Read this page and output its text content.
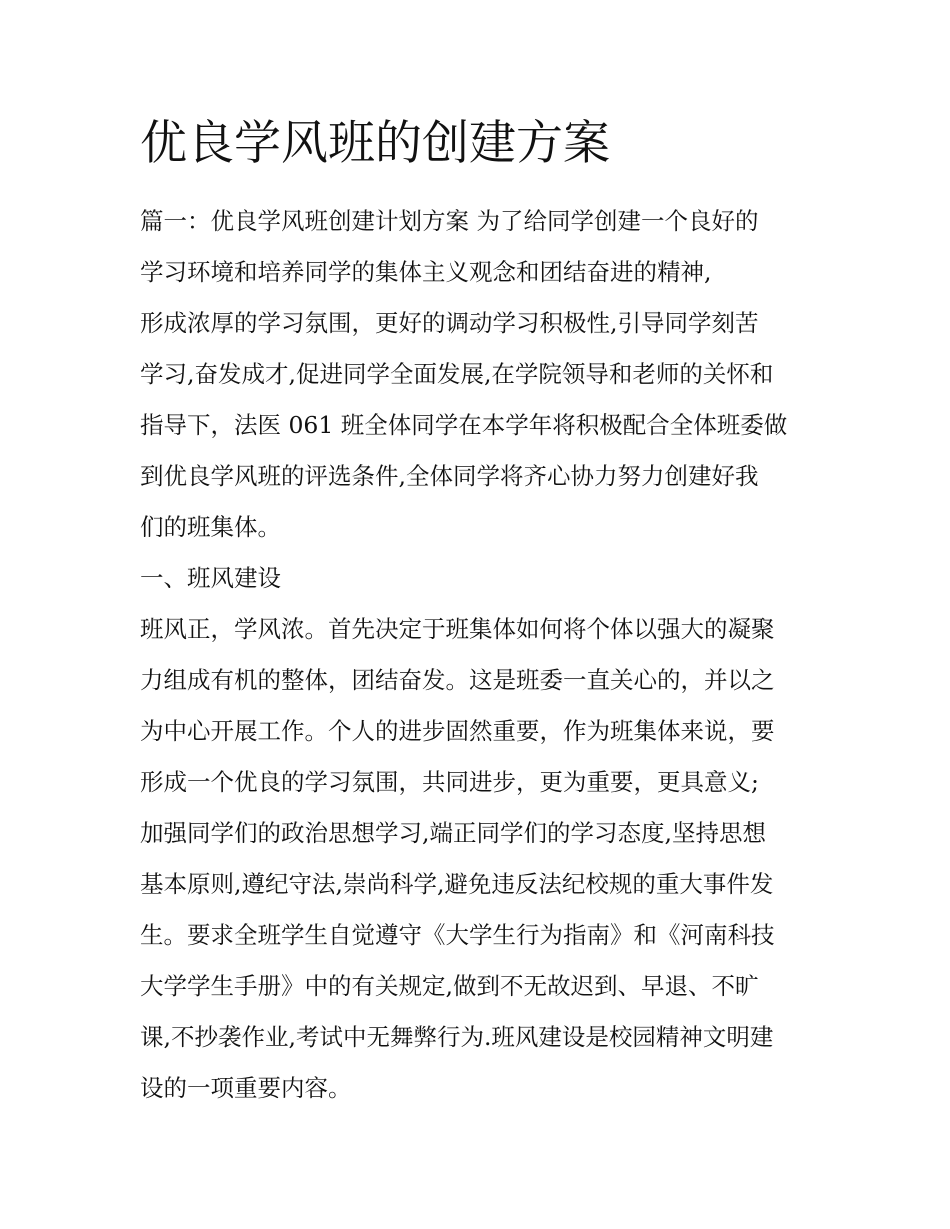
优良学风班的创建方案

篇一：优良学风班创建计划方案 为了给同学创建一个良好的

学习环境和培养同学的集体主义观念和团结奋进的精神,

形成浓厚的学习氛围，更好的调动学习积极性,引导同学刻苦

学习,奋发成才,促进同学全面发展,在学院领导和老师的关怀和

指导下，法医 061 班全体同学在本学年将积极配合全体班委做

到优良学风班的评选条件,全体同学将齐心协力努力创建好我

们的班集体。

一、班风建设

班风正，学风浓。首先决定于班集体如何将个体以强大的凝聚

力组成有机的整体，团结奋发。这是班委一直关心的，并以之

为中心开展工作。个人的进步固然重要，作为班集体来说，要

形成一个优良的学习氛围，共同进步，更为重要，更具意义;

加强同学们的政治思想学习,端正同学们的学习态度,坚持思想

基本原则,遵纪守法,崇尚科学,避免违反法纪校规的重大事件发

生。要求全班学生自觉遵守《大学生行为指南》和《河南科技

大学学生手册》中的有关规定,做到不无故迟到、早退、不旷

课,不抄袭作业,考试中无舞弊行为.班风建设是校园精神文明建

设的一项重要内容。
